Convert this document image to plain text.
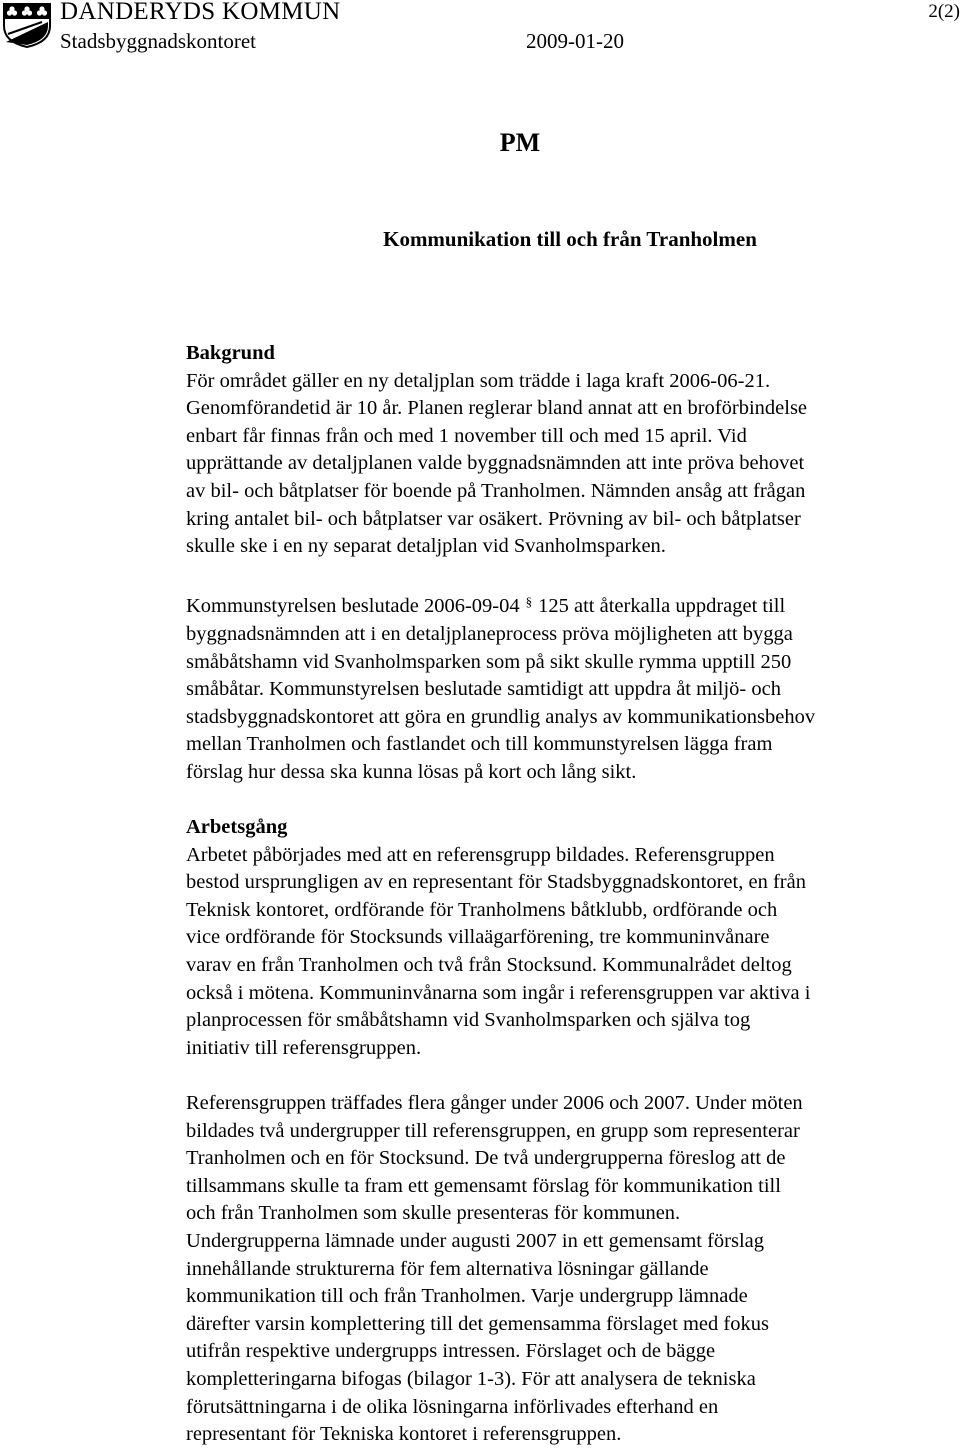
DANDERYDS KOMMUN
Stadsbyggnadskontoret	2009-01-20
2(2)
PM
Kommunikation till och från Tranholmen

Bakgrund

För området gäller en ny detaljplan som trädde i laga kraft 2006-06-21.
Genomförandetid är 10 år. Planen reglerar bland annat att en broförbindelse
enbart får finnas från och med 1 november till och med 15 april. Vid
upprättande av detaljplanen valde byggnadsnämnden att inte pröva behovet
av bil- och båtplatser för boende på Tranholmen. Nämnden ansåg att frågan
kring antalet bil- och båtplatser var osäkert. Prövning av bil- och båtplatser
skulle ske i en ny separat detaljplan vid Svanholmsparken.

Kommunstyrelsen beslutade 2006-09-04 § 125 att återkalla uppdraget till
byggnadsnämnden att i en detaljplaneprocess pröva möjligheten att bygga
småbåtshamn vid Svanholmsparken som på sikt skulle rymma upptill 250
småbåtar. Kommunstyrelsen beslutade samtidigt att uppdra åt miljö- och
stadsbyggnadskontoret att göra en grundlig analys av kommunikationsbehov
mellan Tranholmen och fastlandet och till kommunstyrelsen lägga fram
förslag hur dessa ska kunna lösas på kort och lång sikt.

Arbetsgång

Arbetet påbörjades med att en referensgrupp bildades. Referensgruppen
bestod ursprungligen av en representant för Stadsbyggnadskontoret, en från
Teknisk kontoret, ordförande för Tranholmens båtklubb, ordförande och
vice ordförande för Stocksunds villaägarförening, tre kommuninvånare
varav en från Tranholmen och två från Stocksund. Kommunalrådet deltog
också i mötena. Kommuninvånarna som ingår i referensgruppen var aktiva i
planprocessen för småbåtshamn vid Svanholmsparken och själva tog
initiativ till referensgruppen.

Referensgruppen träffades flera gånger under 2006 och 2007. Under möten
bildades två undergrupper till referensgruppen, en grupp som representerar
Tranholmen och en för Stocksund. De två undergrupperna föreslog att de
tillsammans skulle ta fram ett gemensamt förslag för kommunikation till
och från Tranholmen som skulle presenteras för kommunen.
Undergrupperna lämnade under augusti 2007 in ett gemensamt förslag
innehållande strukturerna för fem alternativa lösningar gällande
kommunikation till och från Tranholmen. Varje undergrupp lämnade
därefter varsin komplettering till det gemensamma förslaget med fokus
utifrån respektive undergrupps intressen. Förslaget och de bägge
kompletteringarna bifogas (bilagor 1-3). För att analysera de tekniska
förutsättningarna i de olika lösningarna införlivades efterhand en
representant för Tekniska kontoret i referensgruppen.
